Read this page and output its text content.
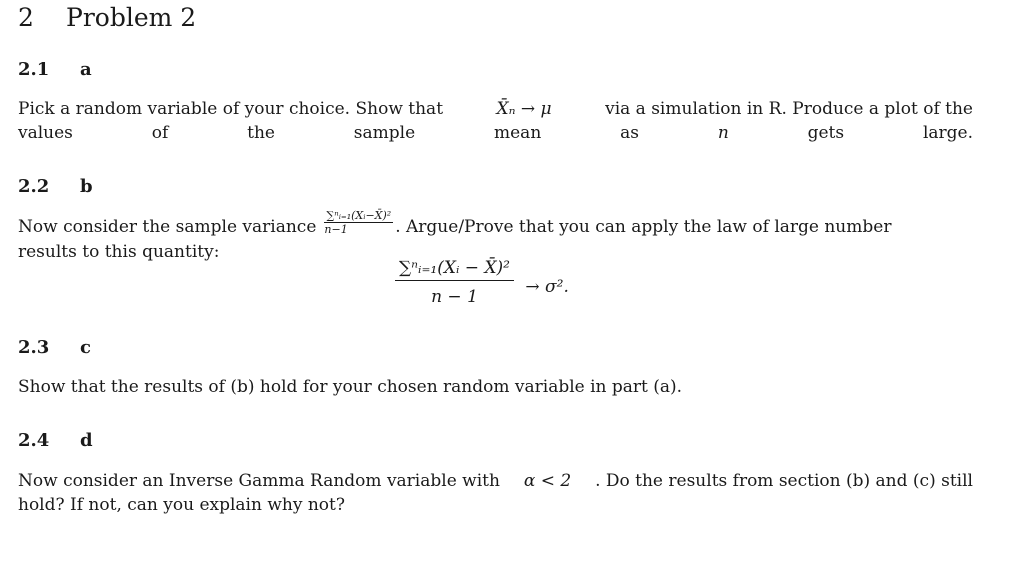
2 Problem 2
2.1 a
Pick a random variable of your choice. Show that	X̄ₙ → μ	via a simulation in R. Produce a plot of the
values of the sample mean as	n	gets large.
2.2 b
Now consider the sample variance $\frac{\text{∑ⁿᵢ₌₁(Xᵢ−X̄)²}}{n-1}$ . Argue/Prove that you can apply the law of large number
results to this quantity:
$\frac{\text{∑ⁿᵢ₌₁(Xᵢ − X̄)²}}{n - 1} \to \sigma^2$.
2.3 c
Show that the results of (b) hold for your chosen random variable in part (a).
2.4 d
Now consider an Inverse Gamma Random variable with α < 2 . Do the results from section (b) and (c) still
hold? If not, can you explain why not?
